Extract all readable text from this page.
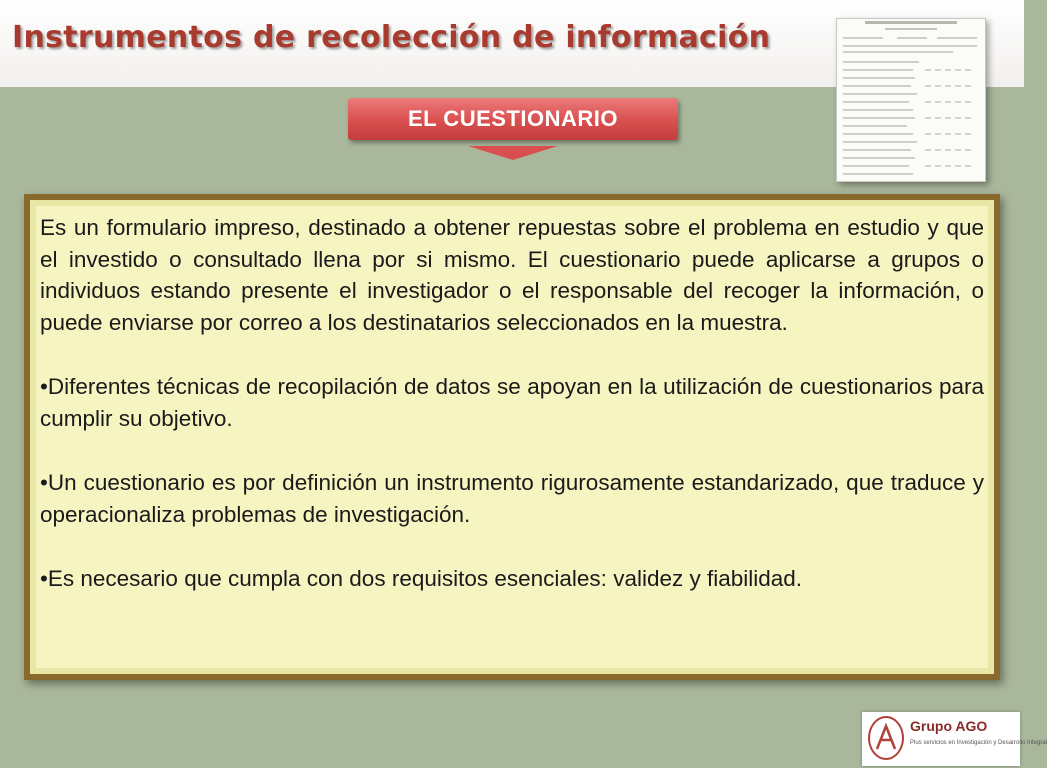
Instrumentos de recolección de información
EL CUESTIONARIO

Es un formulario impreso, destinado a obtener repuestas sobre el problema en estudio y que el investido o consultado llena por si mismo. El cuestionario puede aplicarse a grupos o individuos estando presente el investigador o el responsable del recoger la información, o puede enviarse por correo a los destinatarios seleccionados en la muestra.

•Diferentes técnicas de recopilación de datos se apoyan en la utilización de cuestionarios para cumplir su objetivo.

•Un cuestionario es por definición un instrumento rigurosamente estandarizado, que traduce y operacionaliza problemas de investigación.

•Es necesario que cumpla con dos requisitos esenciales: validez y fiabilidad.

Grupo AGO
Plus servicios en Investigación y Desarrollo Integral
